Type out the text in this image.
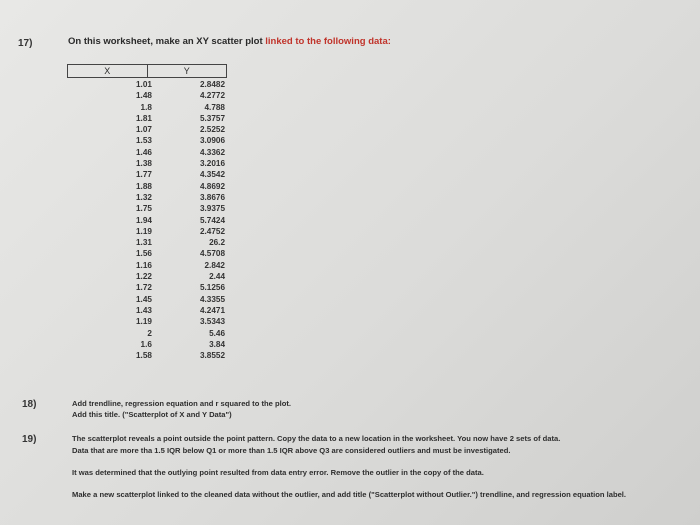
17)	On this worksheet, make an XY scatter plot linked to the following data:
X	Y
1.01	2.8482
1.48	4.2772
1.8	4.788
1.81	5.3757
1.07	2.5252
1.53	3.0906
1.46	4.3362
1.38	3.2016
1.77	4.3542
1.88	4.8692
1.32	3.8676
1.75	3.9375
1.94	5.7424
1.19	2.4752
1.31	26.2
1.56	4.5708
1.16	2.842
1.22	2.44
1.72	5.1256
1.45	4.3355
1.43	4.2471
1.19	3.5343
2	5.46
1.6	3.84
1.58	3.8552
18)	Add trendline, regression equation and r squared to the plot.
Add this title. ("Scatterplot of X and Y Data")
19)	The scatterplot reveals a point outside the point pattern. Copy the data to a new location in the worksheet. You now have 2 sets of data.
Data that are more tha 1.5 IQR below Q1 or more than 1.5 IQR above Q3 are considered outliers and must be investigated.
It was determined that the outlying point resulted from data entry error. Remove the outlier in the copy of the data.
Make a new scatterplot linked to the cleaned data without the outlier, and add title ("Scatterplot without Outlier.") trendline, and regression equation label.
